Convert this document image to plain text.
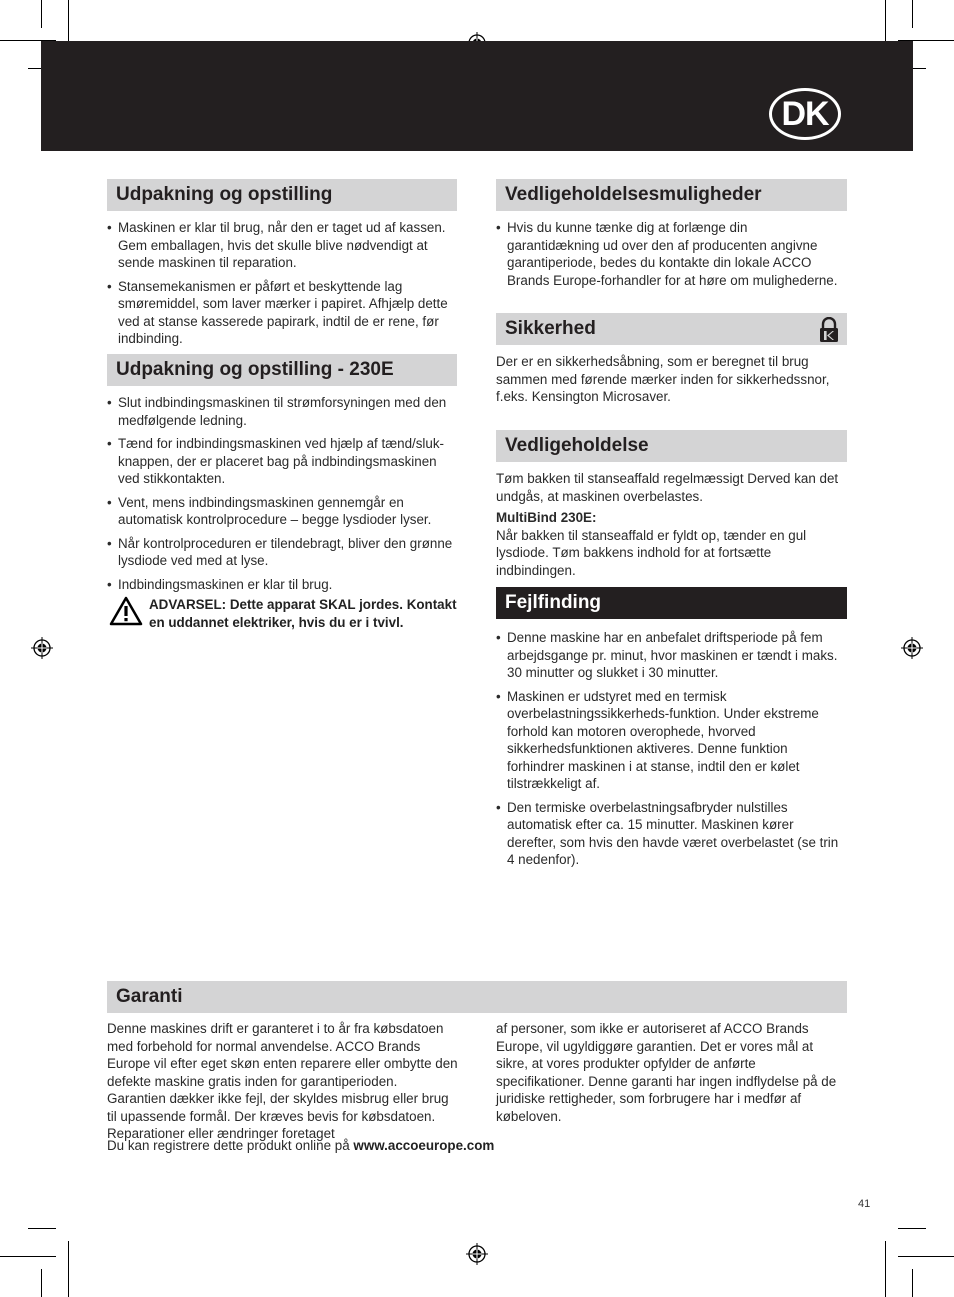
DK
Udpakning og opstilling
• Maskinen er klar til brug, når den er taget ud af kassen. Gem emballagen, hvis det skulle blive nødvendigt at sende maskinen til reparation.
• Stansemekanismen er påført et beskyttende lag smøremiddel, som laver mærker i papiret. Afhjælp dette ved at stanse kasserede papirark, indtil de er rene, før indbinding.
Udpakning og opstilling - 230E
• Slut indbindingsmaskinen til strømforsyningen med den medfølgende ledning.
• Tænd for indbindingsmaskinen ved hjælp af tænd/sluk-knappen, der er placeret bag på indbindingsmaskinen ved stikkontakten.
• Vent, mens indbindingsmaskinen gennemgår en automatisk kontrolprocedure – begge lysdioder lyser.
• Når kontrolproceduren er tilendebragt, bliver den grønne lysdiode ved med at lyse.
• Indbindingsmaskinen er klar til brug.
ADVARSEL: Dette apparat SKAL jordes. Kontakt en uddannet elektriker, hvis du er i tvivl.
Vedligeholdelsesmuligheder
• Hvis du kunne tænke dig at forlænge din garantidækning ud over den af producenten angivne garantiperiode, bedes du kontakte din lokale ACCO Brands Europe-forhandler for at høre om mulighederne.
Sikkerhed

Der er en sikkerhedsåbning, som er beregnet til brug sammen med førende mærker inden for sikkerhedssnor, f.eks. Kensington Microsaver.

Vedligeholdelse

Tøm bakken til stanseaffald regelmæssigt Derved kan det undgås, at maskinen overbelastes.

MultiBind 230E:

Når bakken til stanseaffald er fyldt op, tænder en gul lysdiode. Tøm bakkens indhold for at fortsætte indbindingen.

Fejlfinding
• Denne maskine har en anbefalet driftsperiode på fem arbejdsgange pr. minut, hvor maskinen er tændt i maks. 30 minutter og slukket i 30 minutter.
• Maskinen er udstyret med en termisk overbelastningssikkerheds-funktion. Under ekstreme forhold kan motoren overophede, hvorved sikkerhedsfunktionen aktiveres. Denne funktion forhindrer maskinen i at stanse, indtil den er kølet tilstrækkeligt af.
• Den termiske overbelastningsafbryder nulstilles automatisk efter ca. 15 minutter. Maskinen kører derefter, som hvis den havde været overbelastet (se trin 4 nedenfor).
Garanti

Denne maskines drift er garanteret i to år fra købsdatoen med forbehold for normal anvendelse. ACCO Brands Europe vil efter eget skøn enten reparere eller ombytte den defekte maskine gratis inden for garantiperioden. Garantien dækker ikke fejl, der skyldes misbrug eller brug til upassende formål. Der kræves bevis for købsdatoen. Reparationer eller ændringer foretaget

af personer, som ikke er autoriseret af ACCO Brands Europe, vil ugyldiggøre garantien. Det er vores mål at sikre, at vores produkter opfylder de anførte specifikationer. Denne garanti har ingen indflydelse på de juridiske rettigheder, som forbrugere har i medfør af købeloven.

Du kan registrere dette produkt online på www.accoeurope.com
41
